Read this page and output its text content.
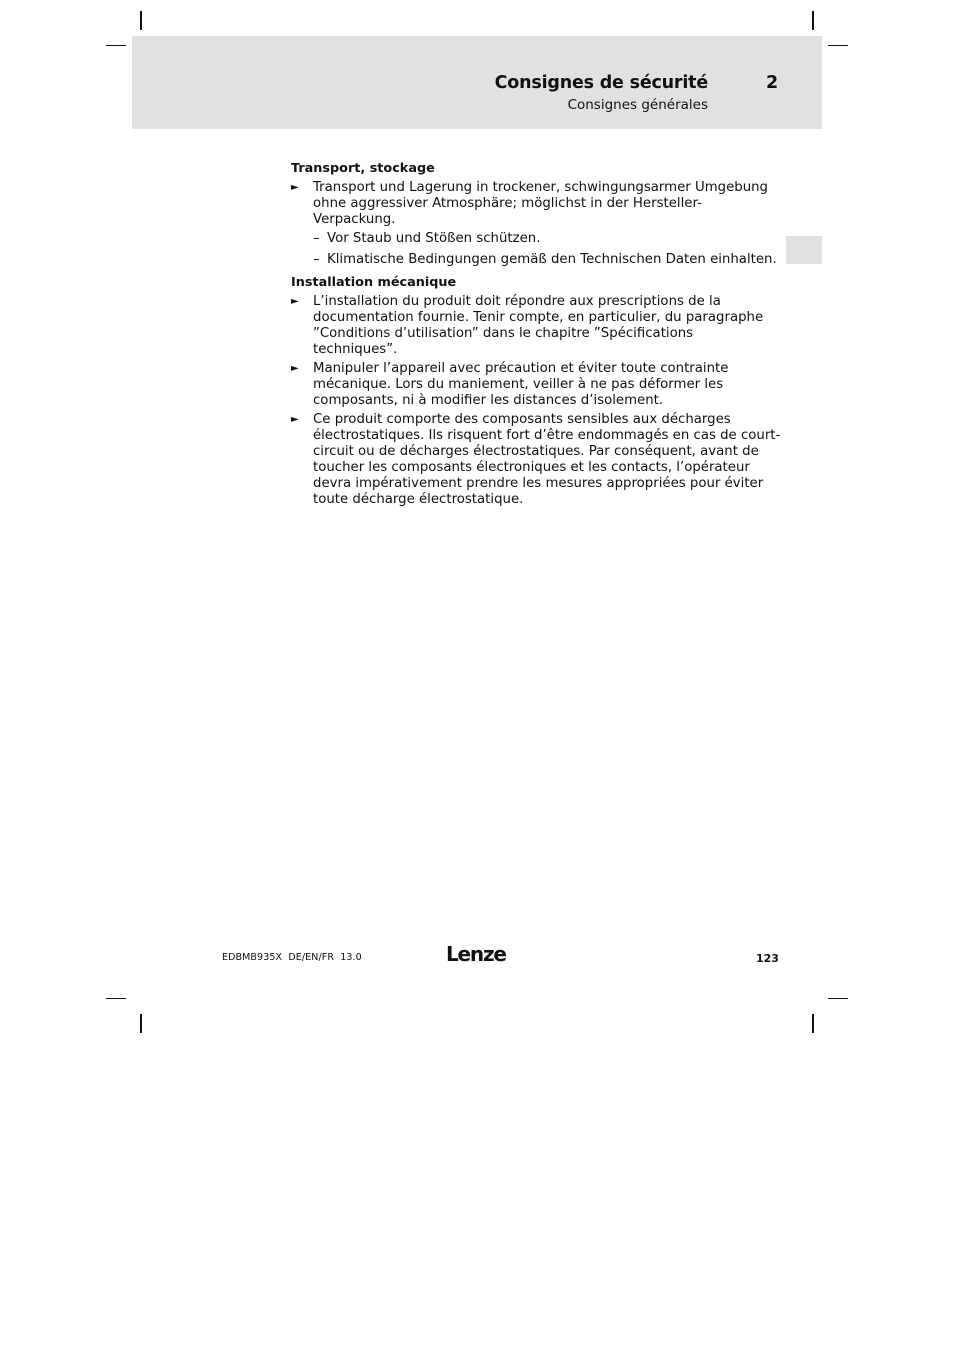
Consignes de sécurité	2
Consignes générales
Transport, stockage
► Transport und Lagerung in trockener, schwingungsarmer Umgebung ohne aggressiver Atmosphäre; möglichst in der Hersteller-Verpackung.
– Vor Staub und Stößen schützen.
– Klimatische Bedingungen gemäß den Technischen Daten einhalten.
Installation mécanique
► L’installation du produit doit répondre aux prescriptions de la documentation fournie. Tenir compte, en particulier, du paragraphe ”Conditions d’utilisation” dans le chapitre ”Spécifications techniques”.
► Manipuler l’appareil avec précaution et éviter toute contrainte mécanique. Lors du maniement, veiller à ne pas déformer les composants, ni à modifier les distances d’isolement.
► Ce produit comporte des composants sensibles aux décharges électrostatiques. Ils risquent fort d’être endommagés en cas de court-circuit ou de décharges électrostatiques. Par conséquent, avant de toucher les composants électroniques et les contacts, l’opérateur devra impérativement prendre les mesures appropriées pour éviter toute décharge électrostatique.
EDBMB935X  DE/EN/FR  13.0	Lenze	123
